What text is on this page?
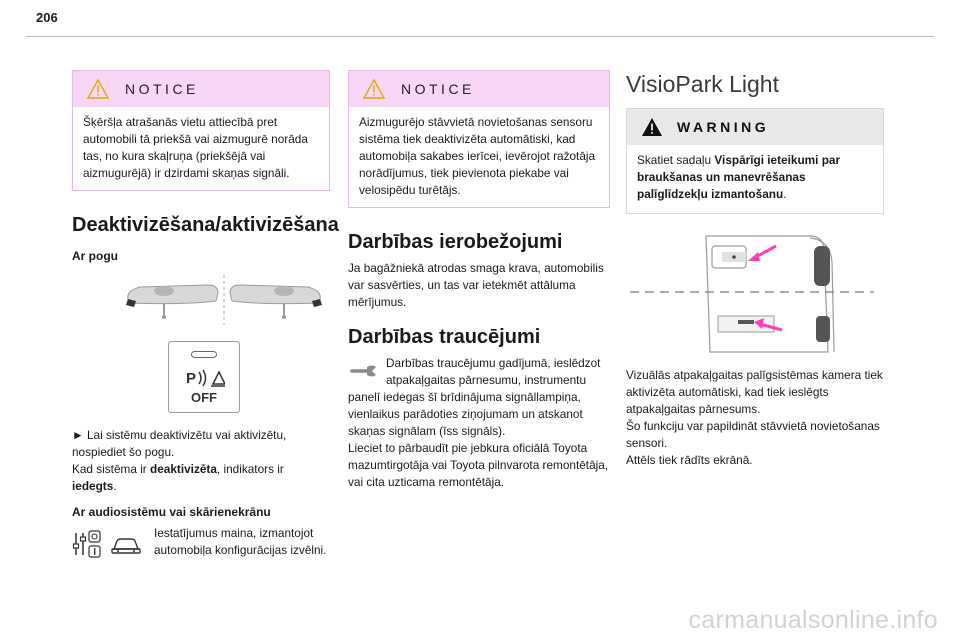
206
NOTICE
Šķēršļa atrašanās vietu attiecībā pret automobili tā priekšā vai aizmugurē norāda tas, no kura skaļruņa (priekšējā vai aizmugurējā) ir dzirdami skaņas signāli.
Deaktivizēšana/aktivizēšana
Ar pogu
P
OFF

► Lai sistēmu deaktivizētu vai aktivizētu, nospiediet šo pogu.

Kad sistēma ir deaktivizēta, indikators ir iedegts.

Ar audiosistēmu vai skārienekrānu

Iestatījumus maina, izmantojot automobiļa konfigurācijas izvēlni.

NOTICE
Aizmugurējo stāvvietā novietošanas sensoru sistēma tiek deaktivizēta automātiski, kad automobiļa sakabes ierīcei, ievērojot ražotāja norādījumus, tiek pievienota piekabe vai velosipēdu turētājs.
Darbības ierobežojumi

Ja bagāžniekā atrodas smaga krava, automobilis var sasvērties, un tas var ietekmēt attāluma mērījumus.

Darbības traucējumi

Darbības traucējumu gadījumā, ieslēdzot atpakaļgaitas pārnesumu, instrumentu

panelī iedegas šī brīdinājuma signāllampiņa, vienlaikus parādoties ziņojumam un atskanot skaņas signālam (īss signāls).

Lieciet to pārbaudīt pie jebkura oficiālā Toyota mazumtirgotāja vai Toyota pilnvarota remontētāja, vai cita uzticama remontētāja.

VisioPark Light
WARNING
Skatiet sadaļu Vispārīgi ieteikumi par braukšanas un manevrēšanas palīglīdzekļu izmantošanu.

Vizuālās atpakaļgaitas palīgsistēmas kamera tiek aktivizēta automātiski, kad tiek ieslēgts atpakaļgaitas pārnesums.

Šo funkciju var papildināt stāvvietā novietošanas sensori.

Attēls tiek rādīts ekrānā.

carmanualsonline.info
